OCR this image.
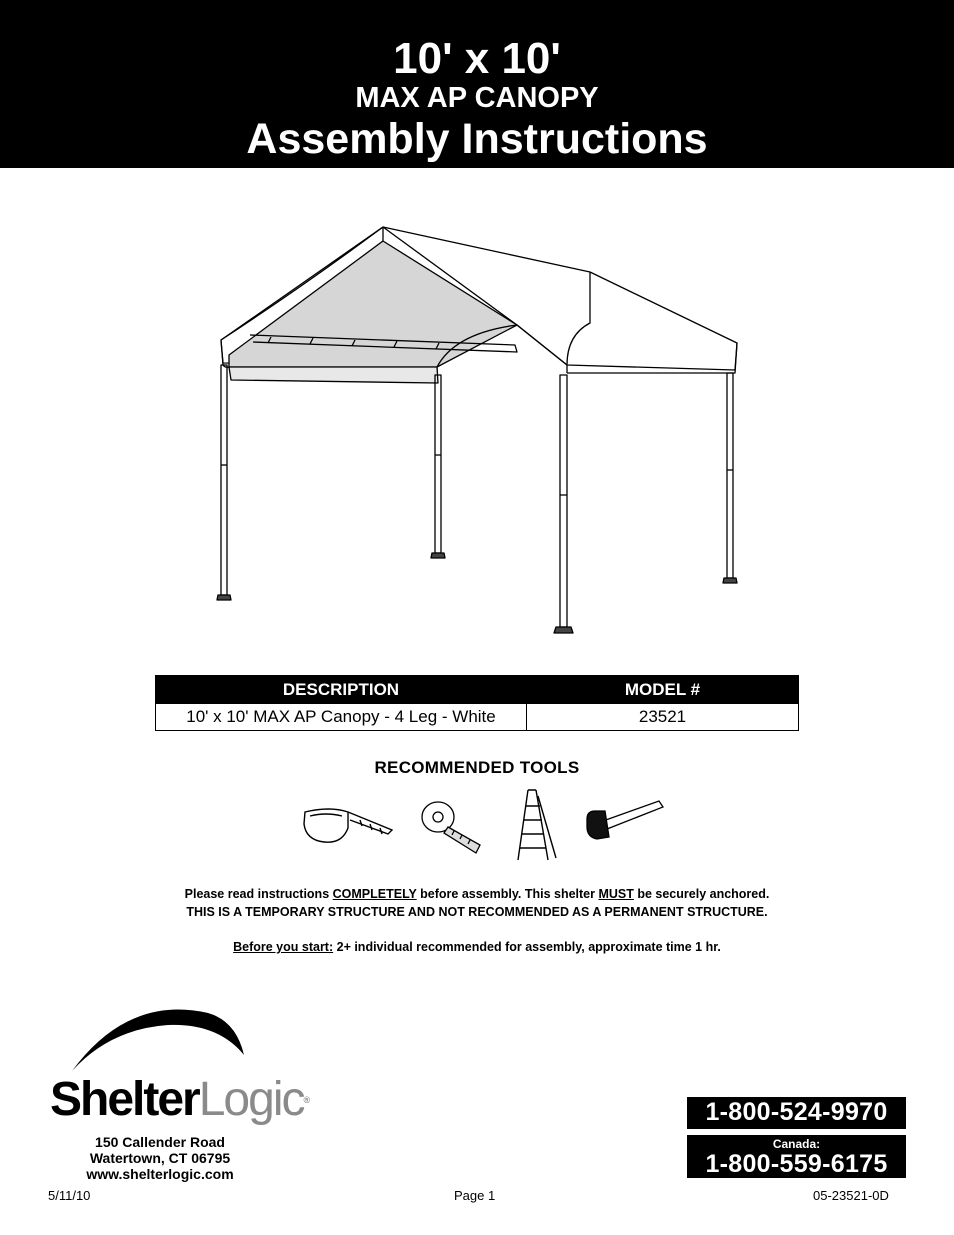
10' x 10'
MAX AP CANOPY
Assembly Instructions
DESCRIPTION	MODEL #
10' x 10' MAX AP Canopy - 4 Leg - White	23521
RECOMMENDED TOOLS
Please read instructions COMPLETELY before assembly. This shelter MUST be securely anchored.
THIS IS A TEMPORARY STRUCTURE AND NOT RECOMMENDED AS A PERMANENT STRUCTURE.
Before you start: 2+ individual recommended for assembly, approximate time 1 hr.
ShelterLogic®
150 Callender Road
Watertown, CT 06795
www.shelterlogic.com
1-800-524-9970
Canada:
1-800-559-6175
5/11/10	Page 1	05-23521-0D
